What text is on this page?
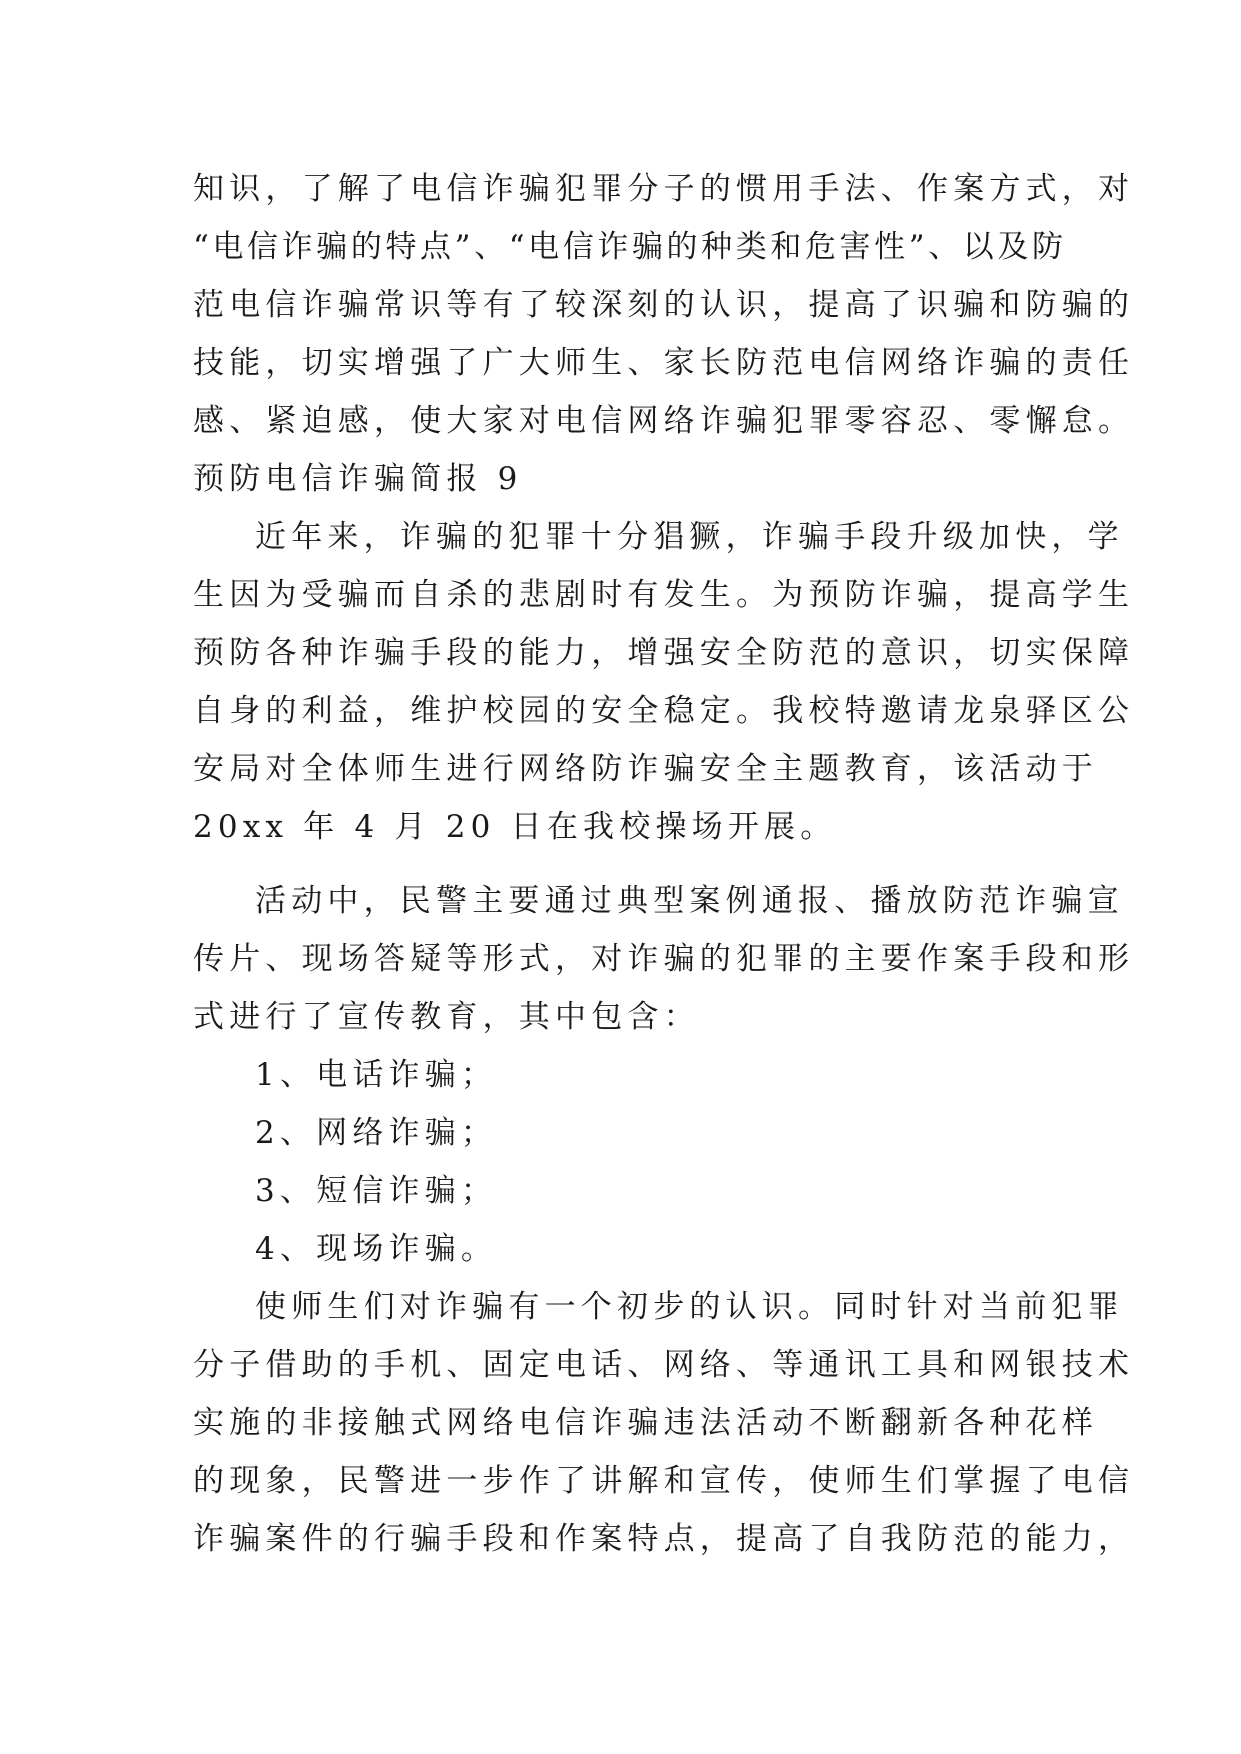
知识，了解了电信诈骗犯罪分子的惯用手法、作案方式，对
“电信诈骗的特点”、“电信诈骗的种类和危害性”、以及防
范电信诈骗常识等有了较深刻的认识，提高了识骗和防骗的
技能，切实增强了广大师生、家长防范电信网络诈骗的责任
感、紧迫感，使大家对电信网络诈骗犯罪零容忍、零懈怠。
预防电信诈骗简报 9
近年来，诈骗的犯罪十分猖獗，诈骗手段升级加快，学
生因为受骗而自杀的悲剧时有发生。为预防诈骗，提高学生
预防各种诈骗手段的能力，增强安全防范的意识，切实保障
自身的利益，维护校园的安全稳定。我校特邀请龙泉驿区公
安局对全体师生进行网络防诈骗安全主题教育，该活动于
20xx 年 4 月 20 日在我校操场开展。
活动中，民警主要通过典型案例通报、播放防范诈骗宣
传片、现场答疑等形式，对诈骗的犯罪的主要作案手段和形
式进行了宣传教育，其中包含：
1、电话诈骗；
2、网络诈骗；
3、短信诈骗；
4、现场诈骗。
使师生们对诈骗有一个初步的认识。同时针对当前犯罪
分子借助的手机、固定电话、网络、等通讯工具和网银技术
实施的非接触式网络电信诈骗违法活动不断翻新各种花样
的现象，民警进一步作了讲解和宣传，使师生们掌握了电信
诈骗案件的行骗手段和作案特点，提高了自我防范的能力，
